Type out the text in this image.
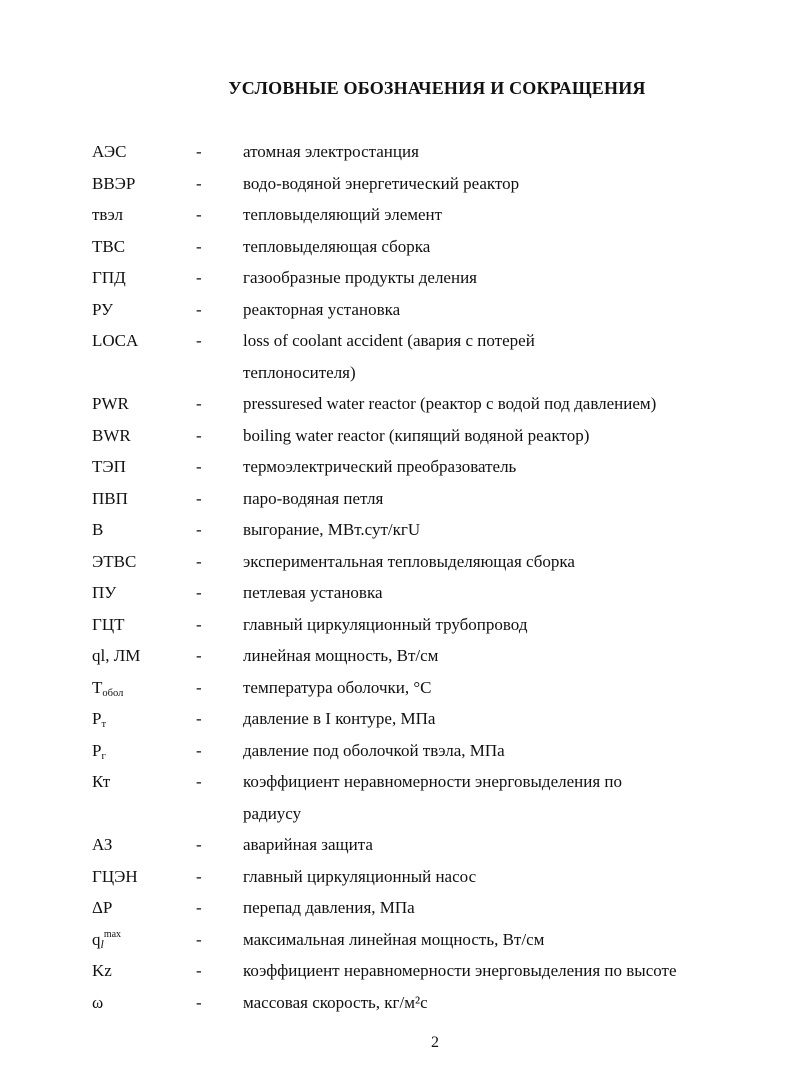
УСЛОВНЫЕ ОБОЗНАЧЕНИЯ И СОКРАЩЕНИЯ
АЭС	-	атомная электростанция
ВВЭР	-	водо-водяной энергетический реактор
твэл	-	тепловыделяющий элемент
ТВС	-	тепловыделяющая сборка
ГПД	-	газообразные продукты деления
РУ	-	реакторная установка
LOCA	-	loss of coolant accident (авария с потерей
теплоносителя)
PWR	-	pressuresed water reactor (реактор с водой под давлением)
BWR	-	boiling water reactor (кипящий водяной реактор)
ТЭП	-	термоэлектрический преобразователь
ПВП	-	паро-водяная петля
B	-	выгорание, МВт.сут/кгU
ЭТВС	-	экспериментальная тепловыделяющая сборка
ПУ	-	петлевая установка
ГЦТ	-	главный циркуляционный трубопровод
ql, ЛМ	-	линейная мощность, Вт/см
$T_{обол}$	-	температура оболочки, °C
$P_т$	-	давление в I контуре, МПа
$P_г$	-	давление под оболочкой твэла, МПа
Кт	-	коэффициент неравномерности энерговыделения по
радиусу
АЗ	-	аварийная защита
ГЦЭН	-	главный циркуляционный насос
ΔP	-	перепад давления, МПа
$q_l^{max}$	-	максимальная линейная мощность, Вт/см
Kz	-	коэффициент неравномерности энерговыделения по высоте
ω	-	массовая скорость, кг/м²с
2
